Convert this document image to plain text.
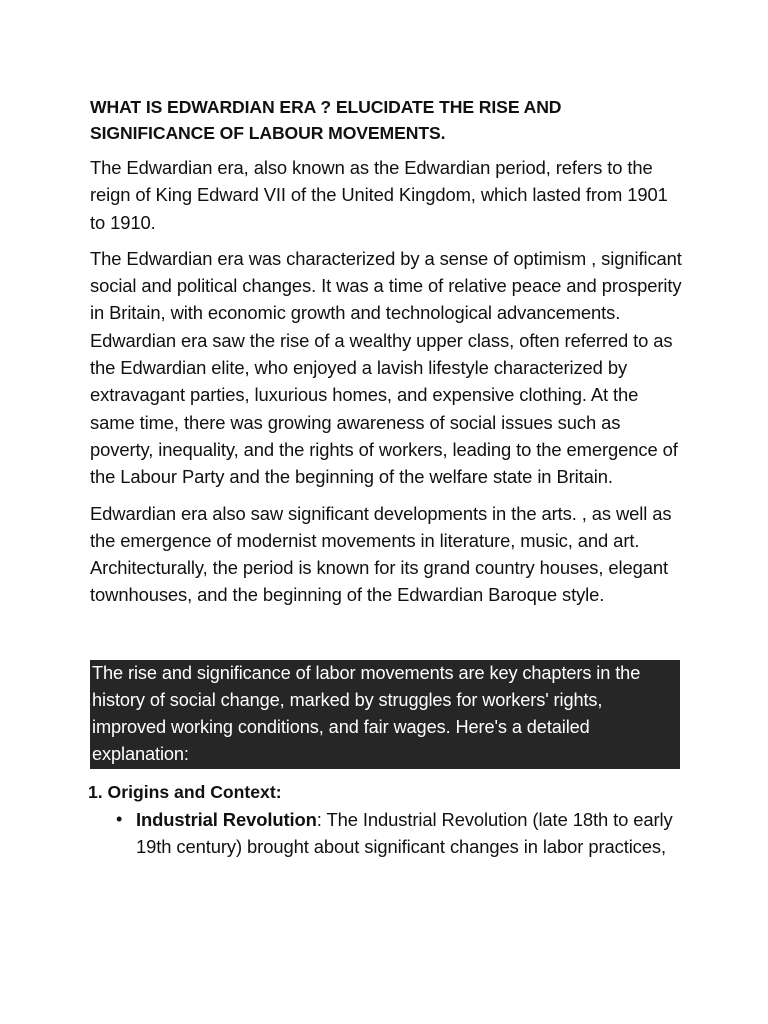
WHAT IS EDWARDIAN ERA ? ELUCIDATE THE RISE AND SIGNIFICANCE OF LABOUR MOVEMENTS.

The Edwardian era, also known as the Edwardian period, refers to the reign of King Edward VII of the United Kingdom, which lasted from 1901 to 1910.

The Edwardian era was characterized by a sense of optimism , significant social and political changes. It was a time of relative peace and prosperity in Britain, with economic growth and technological advancements. Edwardian era saw the rise of a wealthy upper class, often referred to as the Edwardian elite, who enjoyed a lavish lifestyle characterized by extravagant parties, luxurious homes, and expensive clothing. At the same time, there was growing awareness of social issues such as poverty, inequality, and the rights of workers, leading to the emergence of the Labour Party and the beginning of the welfare state in Britain.

Edwardian era also saw significant developments in the arts. , as well as the emergence of modernist movements in literature, music, and art. Architecturally, the period is known for its grand country houses, elegant townhouses, and the beginning of the Edwardian Baroque style.

The rise and significance of labor movements are key chapters in the history of social change, marked by struggles for workers' rights, improved working conditions, and fair wages. Here's a detailed explanation:
1. Origins and Context:
• Industrial Revolution: The Industrial Revolution (late 18th to early 19th century) brought about significant changes in labor practices,
